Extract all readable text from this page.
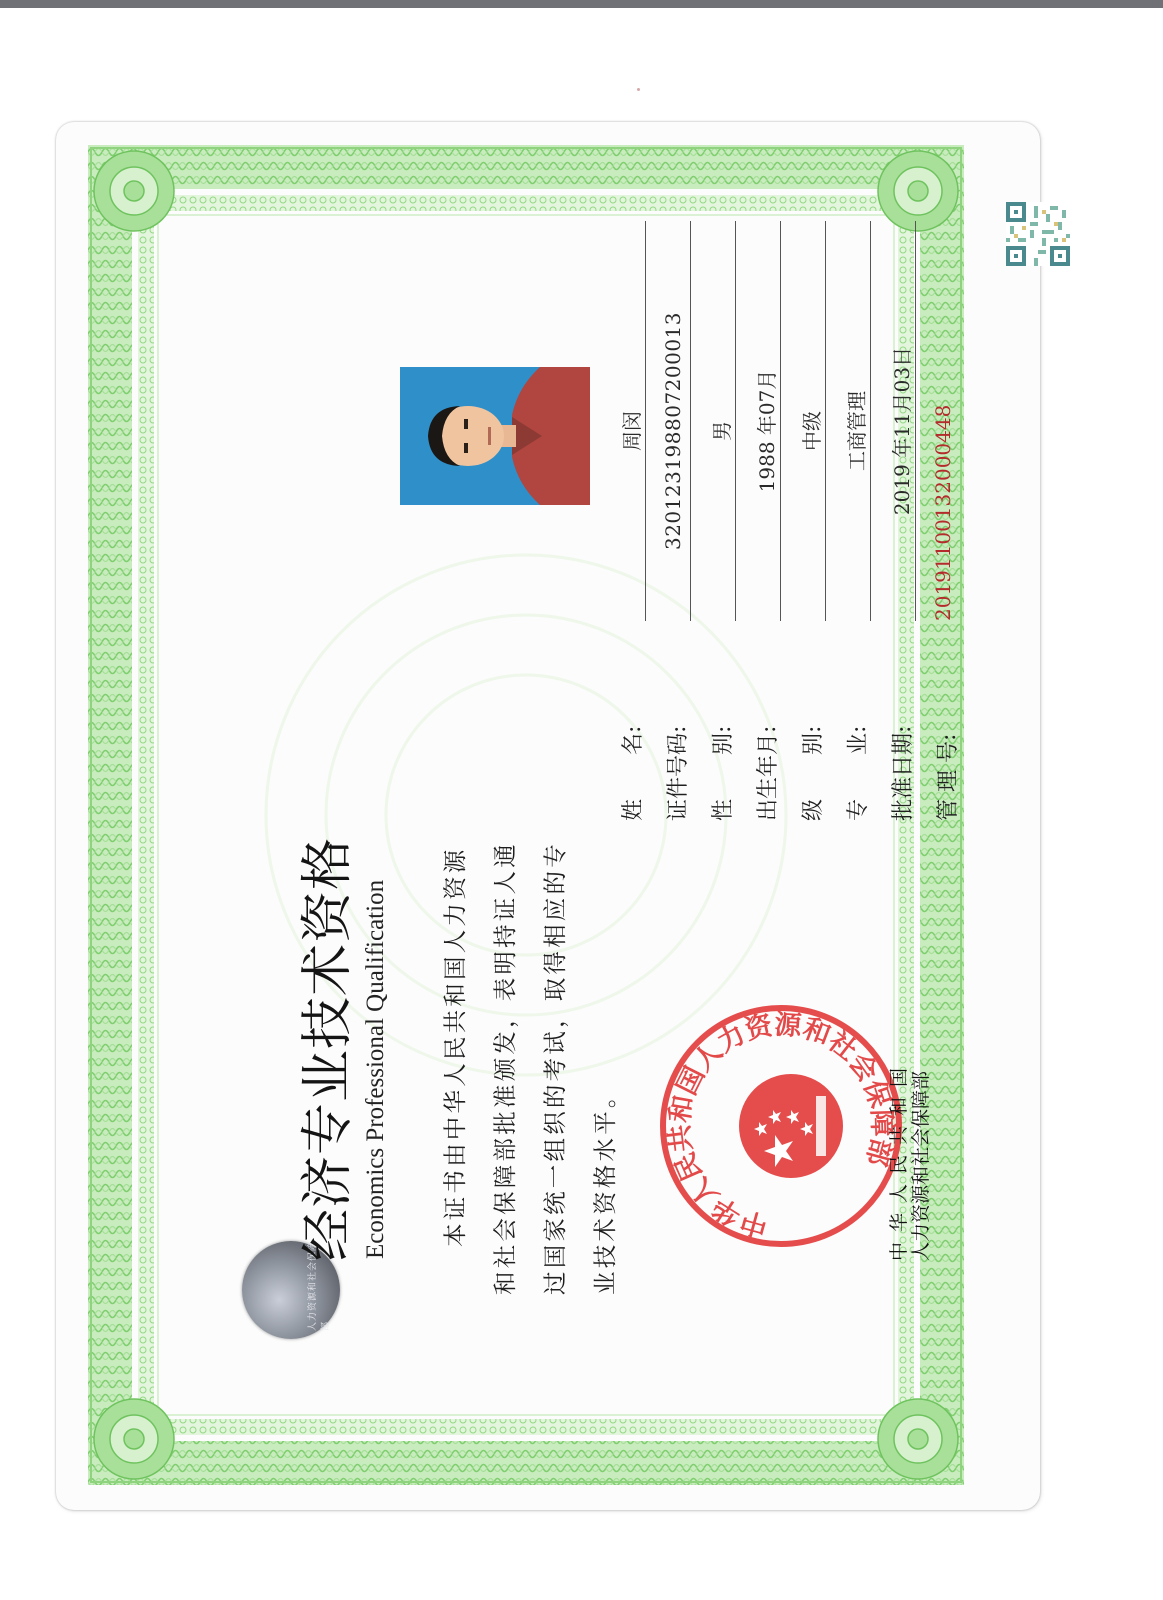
人力资源和社会保障部
经济专业技术资格 Economics Professional Qualification	本证书由中华人民共和国人力资源 和社会保障部批准颁发，表明持证人通 过国家统一组织的考试，取得相应的专 业技术资格水平。	中华人民共和国人力资源和社会保障部
中华人民共和国 人力资源和社会保障部
姓　　名: 证件号码: 性　　别: 出生年月: 级　　别: 专　　业: 批准日期: 管 理 号:
周闵 320123198807200013 男 1988 年07月 中级 工商管理 2019 年11月03日 20191100132000448
